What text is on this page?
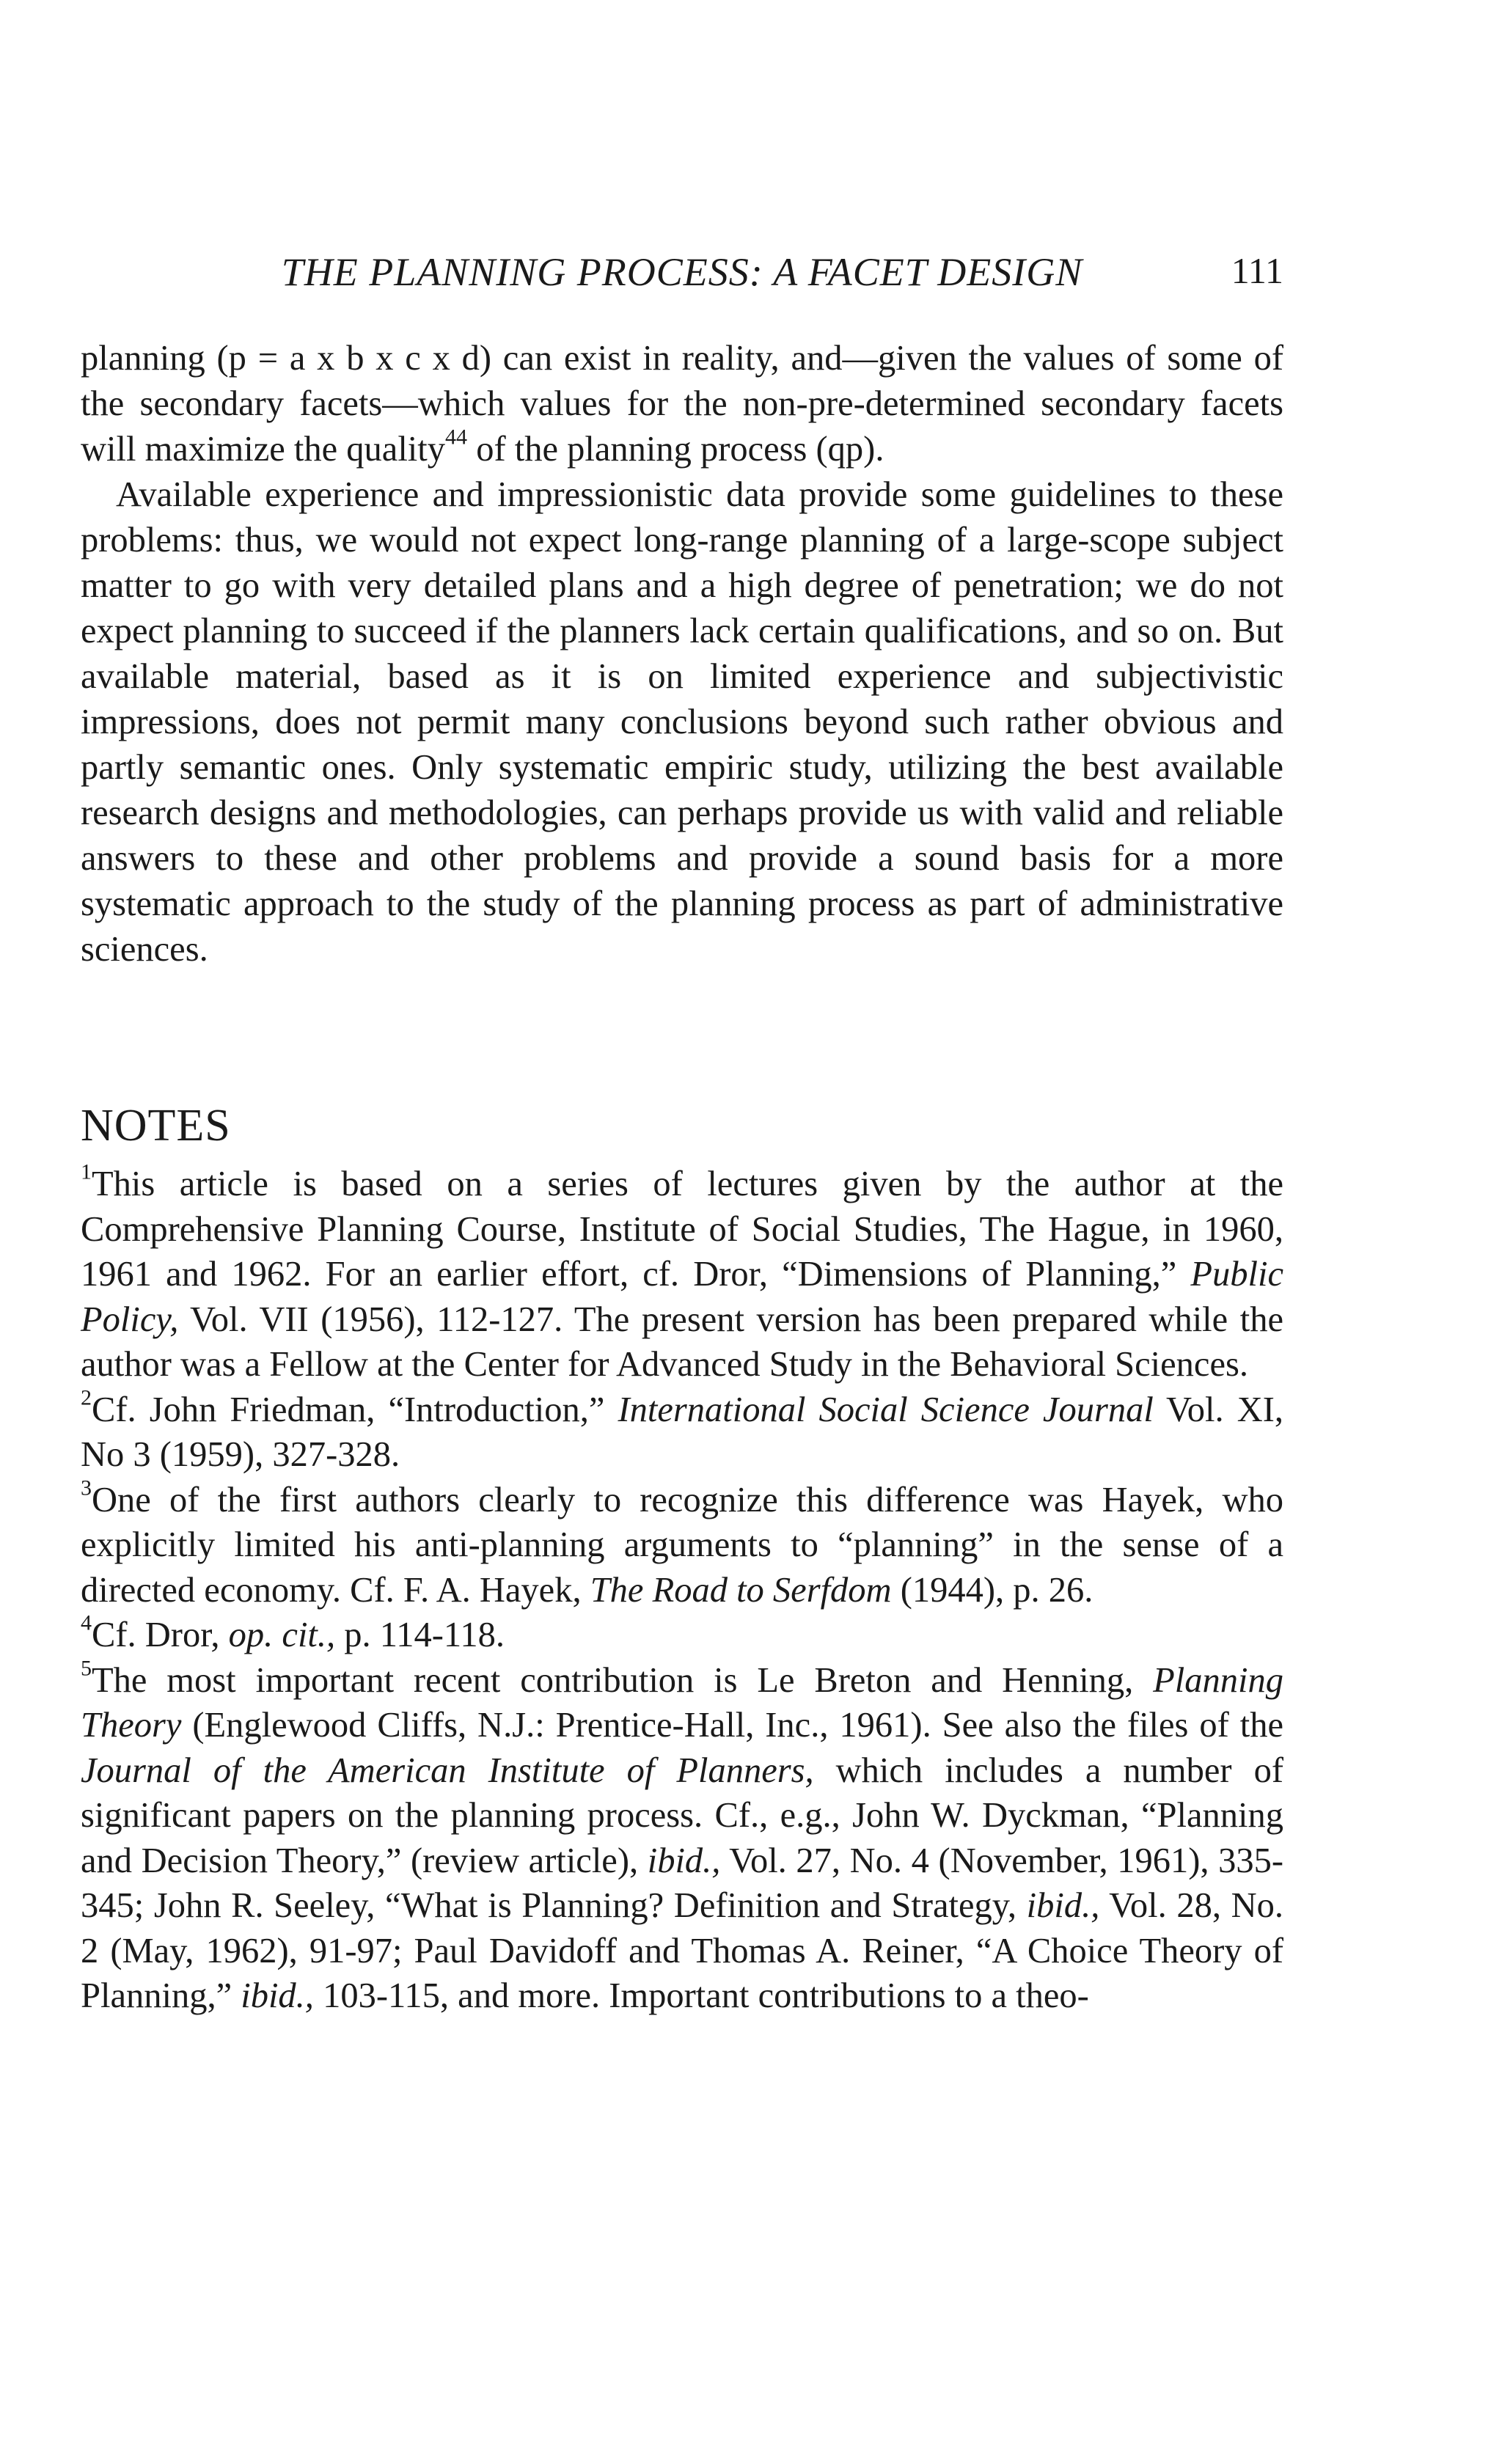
THE PLANNING PROCESS: A FACET DESIGN	111

planning (p = a x b x c x d) can exist in reality, and—given the values of some of the secondary facets—which values for the non-pre-determined secondary facets will maximize the quality$^{44}$ of the planning process (qp).

Available experience and impressionistic data provide some guidelines to these problems: thus, we would not expect long-range planning of a large-scope subject matter to go with very detailed plans and a high degree of penetration; we do not expect planning to succeed if the planners lack certain qualifications, and so on. But available material, based as it is on limited experience and subjectivistic impressions, does not permit many conclusions beyond such rather obvious and partly semantic ones. Only systematic empiric study, utilizing the best available research designs and methodologies, can perhaps provide us with valid and reliable answers to these and other problems and provide a sound basis for a more systematic approach to the study of the planning process as part of administrative sciences.

NOTES

$^1$This article is based on a series of lectures given by the author at the Comprehensive Planning Course, Institute of Social Studies, The Hague, in 1960, 1961 and 1962. For an earlier effort, cf. Dror, “Dimensions of Planning,” Public Policy, Vol. VII (1956), 112-127. The present version has been prepared while the author was a Fellow at the Center for Advanced Study in the Behavioral Sciences.

$^2$Cf. John Friedman, “Introduction,” International Social Science Journal Vol. XI, No 3 (1959), 327-328.

$^3$One of the first authors clearly to recognize this difference was Hayek, who explicitly limited his anti-planning arguments to “planning” in the sense of a directed economy. Cf. F. A. Hayek, The Road to Serfdom (1944), p. 26.

$^4$Cf. Dror, op. cit., p. 114-118.

$^5$The most important recent contribution is Le Breton and Henning, Planning Theory (Englewood Cliffs, N.J.: Prentice-Hall, Inc., 1961). See also the files of the Journal of the American Institute of Planners, which includes a number of significant papers on the planning process. Cf., e.g., John W. Dyckman, “Planning and Decision Theory,” (review article), ibid., Vol. 27, No. 4 (November, 1961), 335-345; John R. Seeley, “What is Planning? Definition and Strategy, ibid., Vol. 28, No. 2 (May, 1962), 91-97; Paul Davidoff and Thomas A. Reiner, “A Choice Theory of Planning,” ibid., 103-115, and more. Important contributions to a theo-
